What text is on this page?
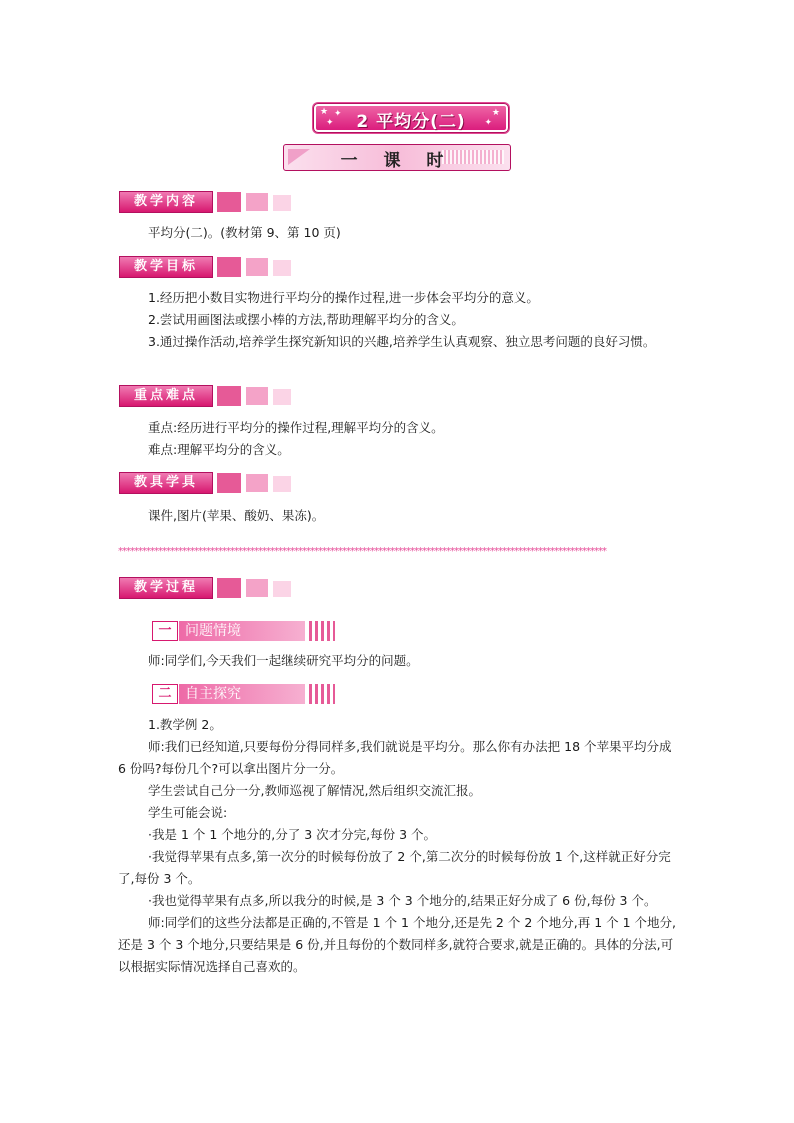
★
✦
✦	★
✦
2 平均分(二)
一 课 时
教学内容

平均分(二)。(教材第 9、第 10 页)

教学目标
1.经历把小数目实物进行平均分的操作过程,进一步体会平均分的意义。
2.尝试用画图法或摆小棒的方法,帮助理解平均分的含义。
3.通过操作活动,培养学生探究新知识的兴趣,培养学生认真观察、独立思考问题的良好习惯。
重点难点
重点:经历进行平均分的操作过程,理解平均分的含义。
难点:理解平均分的含义。
教具学具

课件,图片(苹果、酸奶、果冻)。

**************************************************************************************************************************
教学过程
一 问题情境

师:同学们,今天我们一起继续研究平均分的问题。

二 自主探究
1.教学例 2。
师:我们已经知道,只要每份分得同样多,我们就说是平均分。那么你有办法把 18 个苹果平均分成 6 份吗?每份几个?可以拿出图片分一分。
学生尝试自己分一分,教师巡视了解情况,然后组织交流汇报。
学生可能会说:
·我是 1 个 1 个地分的,分了 3 次才分完,每份 3 个。
·我觉得苹果有点多,第一次分的时候每份放了 2 个,第二次分的时候每份放 1 个,这样就正好分完了,每份 3 个。
·我也觉得苹果有点多,所以我分的时候,是 3 个 3 个地分的,结果正好分成了 6 份,每份 3 个。
师:同学们的这些分法都是正确的,不管是 1 个 1 个地分,还是先 2 个 2 个地分,再 1 个 1 个地分,还是 3 个 3 个地分,只要结果是 6 份,并且每份的个数同样多,就符合要求,就是正确的。具体的分法,可以根据实际情况选择自己喜欢的。
